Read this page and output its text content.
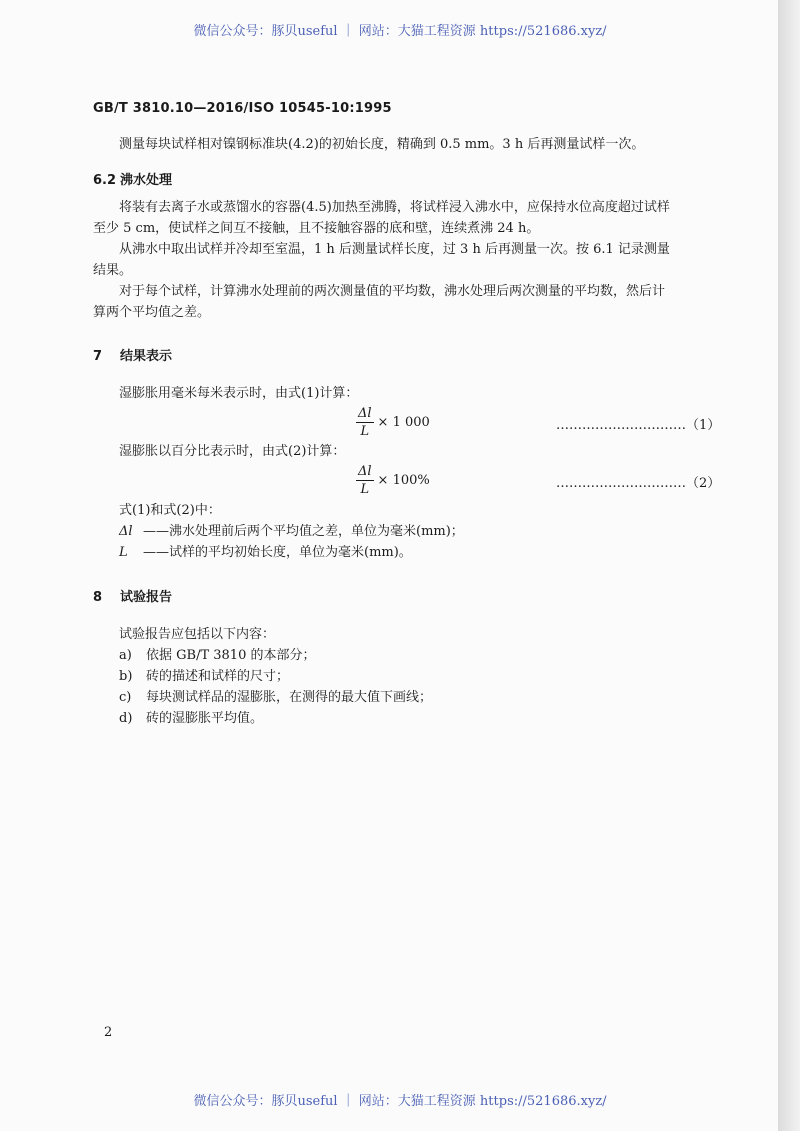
微信公众号：豚贝useful ｜ 网站：大猫工程资源 https://521686.xyz/
GB/T 3810.10—2016/ISO 10545-10:1995
测量每块试样相对镍钢标准块(4.2)的初始长度，精确到 0.5 mm。3 h 后再测量试样一次。
6.2 沸水处理
将装有去离子水或蒸馏水的容器(4.5)加热至沸腾，将试样浸入沸水中，应保持水位高度超过试样
至少 5 cm，使试样之间互不接触，且不接触容器的底和壁，连续煮沸 24 h。
从沸水中取出试样并冷却至室温，1 h 后测量试样长度，过 3 h 后再测量一次。按 6.1 记录测量
结果。
对于每个试样，计算沸水处理前的两次测量值的平均数，沸水处理后两次测量的平均数，然后计
算两个平均值之差。
7 结果表示
湿膨胀用毫米每米表示时，由式(1)计算：
$\frac{\Delta l}{L} \times 1$ 000	…………………………（1）
湿膨胀以百分比表示时，由式(2)计算：
$\frac{\Delta l}{L} \times 100\%$	…………………………（2）
式(1)和式(2)中：
Δl ——沸水处理前后两个平均值之差，单位为毫米(mm)；
L ——试样的平均初始长度，单位为毫米(mm)。
8 试验报告
试验报告应包括以下内容：
a) 依据 GB/T 3810 的本部分；
b) 砖的描述和试样的尺寸；
c) 每块测试样品的湿膨胀，在测得的最大值下画线；
d) 砖的湿膨胀平均值。
2
微信公众号：豚贝useful ｜ 网站：大猫工程资源 https://521686.xyz/
